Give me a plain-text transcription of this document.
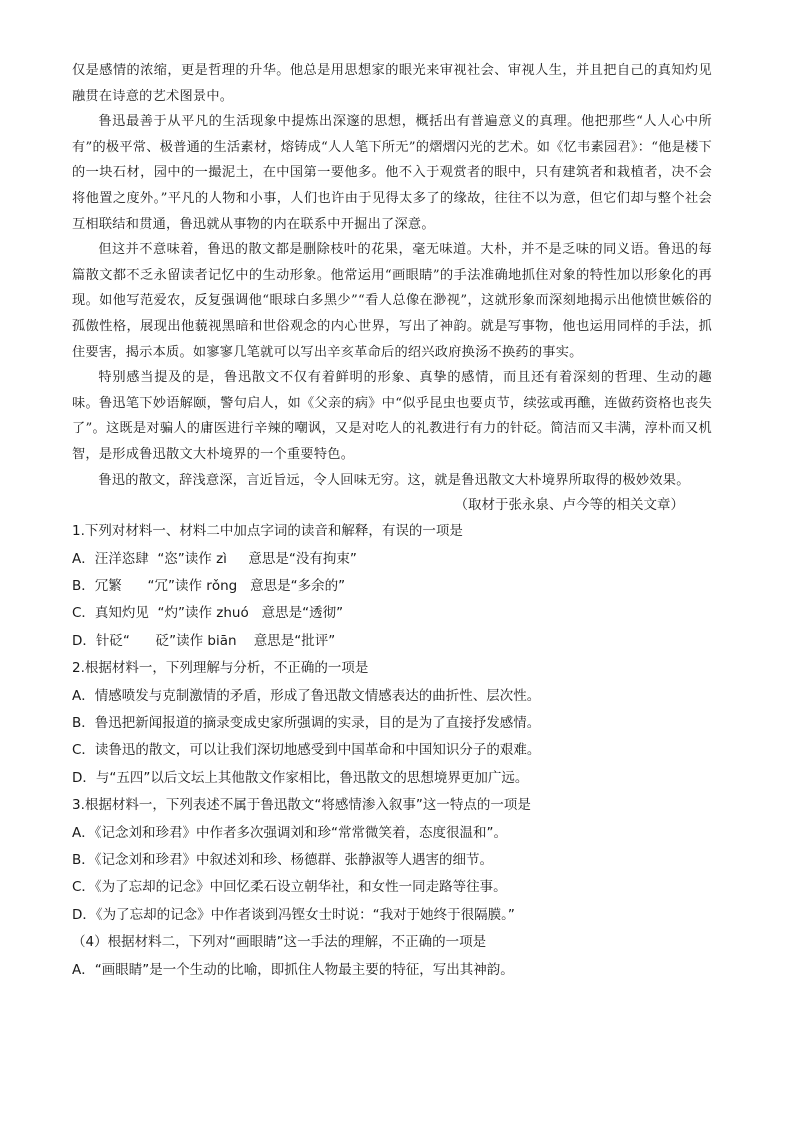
仅是感情的浓缩，更是哲理的升华。他总是用思想家的眼光来审视社会、审视人生，并且把自己的真知灼见融贯在诗意的艺术图景中。

鲁迅最善于从平凡的生活现象中提炼出深邃的思想，概括出有普遍意义的真理。他把那些“人人心中所有”的极平常、极普通的生活素材，熔铸成“人人笔下所无”的熠熠闪光的艺术。如《忆韦素园君》：“他是楼下的一块石材，园中的一撮泥土，在中国第一要他多。他不入于观赏者的眼中，只有建筑者和栽植者，决不会将他置之度外。”平凡的人物和小事，人们也许由于见得太多了的缘故，往往不以为意，但它们却与整个社会互相联结和贯通，鲁迅就从事物的内在联系中开掘出了深意。

但这并不意味着，鲁迅的散文都是删除枝叶的花果，毫无味道。大朴，并不是乏味的同义语。鲁迅的每篇散文都不乏永留读者记忆中的生动形象。他常运用“画眼睛”的手法准确地抓住对象的特性加以形象化的再现。如他写范爱农，反复强调他“眼球白多黑少”“看人总像在渺视”，这就形象而深刻地揭示出他愤世嫉俗的孤傲性格，展现出他藐视黑暗和世俗观念的内心世界，写出了神韵。就是写事物，他也运用同样的手法，抓住要害，揭示本质。如寥寥几笔就可以写出辛亥革命后的绍兴政府换汤不换药的事实。

特别感当提及的是，鲁迅散文不仅有着鲜明的形象、真挚的感情，而且还有着深刻的哲理、生动的趣味。鲁迅笔下妙语解颐，警句启人，如《父亲的病》中“似乎昆虫也要贞节，续弦或再醮，连做药资格也丧失了”。这既是对骗人的庸医进行辛辣的嘲讽，又是对吃人的礼教进行有力的针砭。简洁而又丰满，淳朴而又机智，是形成鲁迅散文大朴境界的一个重要特色。

鲁迅的散文，辞浅意深，言近旨远，令人回味无穷。这，就是鲁迅散文大朴境界所取得的极妙效果。

（取材于张永泉、卢今等的相关文章）

1.下列对材料一、材料二中加点字词的读音和解释，有误的一项是

A．汪洋恣肆  “恣”读作 zì     意思是“没有拘束”

B．冗繁      “冗”读作 rǒng   意思是“多余的”

C．真知灼见  “灼”读作 zhuó   意思是“透彻”

D．针砭“      砭”读作 biān    意思是“批评”

2.根据材料一，下列理解与分析，不正确的一项是

A．情感喷发与克制激情的矛盾，形成了鲁迅散文情感表达的曲折性、层次性。

B．鲁迅把新闻报道的摘录变成史家所强调的实录，目的是为了直接抒发感情。

C．读鲁迅的散文，可以让我们深切地感受到中国革命和中国知识分子的艰难。

D．与“五四”以后文坛上其他散文作家相比，鲁迅散文的思想境界更加广远。

3.根据材料一，下列表述不属于鲁迅散文“将感情渗入叙事”这一特点的一项是

A．《记念刘和珍君》中作者多次强调刘和珍“常常微笑着，态度很温和”。

B．《记念刘和珍君》中叙述刘和珍、杨德群、张静淑等人遇害的细节。

C．《为了忘却的记念》中回忆柔石设立朝华社，和女性一同走路等往事。

D．《为了忘却的记念》中作者谈到冯铿女士时说：“我对于她终于很隔膜。”

（4）根据材料二，下列对“画眼睛”这一手法的理解，不正确的一项是

A．“画眼睛”是一个生动的比喻，即抓住人物最主要的特征，写出其神韵。
